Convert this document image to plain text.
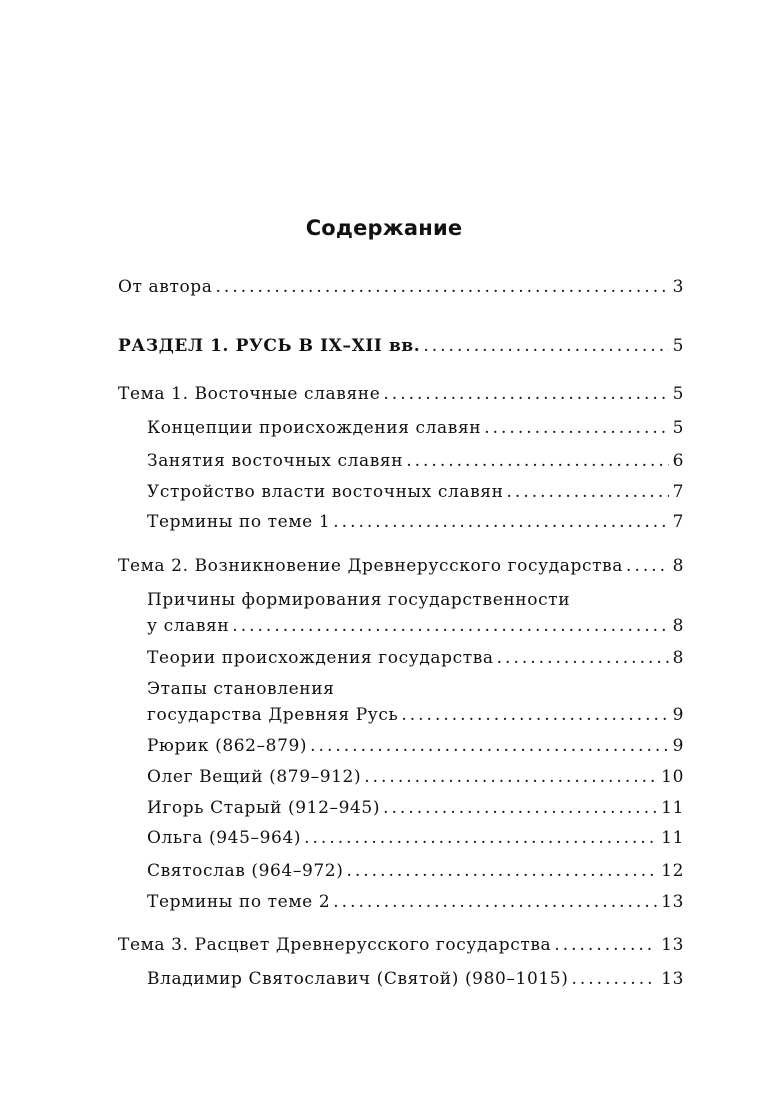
Содержание
От автора . . .	3
РАЗДЕЛ 1. РУСЬ В IX–XII вв. . . .	5
Тема 1. Восточные славяне . . .	5
Концепции происхождения славян . . .	5
Занятия восточных славян . . .	6
Устройство власти восточных славян . . .	7
Термины по теме 1 . . .	7
Тема 2. Возникновение Древнерусского государства . . .	8
Причины формирования государственности
у славян . . .	8
Теории происхождения государства . . .	8
Этапы становления
государства Древняя Русь . . .	9
Рюрик (862–879) . . .	9
Олег Вещий (879–912) . . .	10
Игорь Старый (912–945) . . .	11
Ольга (945–964) . . .	11
Святослав (964–972) . . .	12
Термины по теме 2 . . .	13
Тема 3. Расцвет Древнерусского государства . . .	13
Владимир Святославич (Святой) (980–1015) . . .	13
